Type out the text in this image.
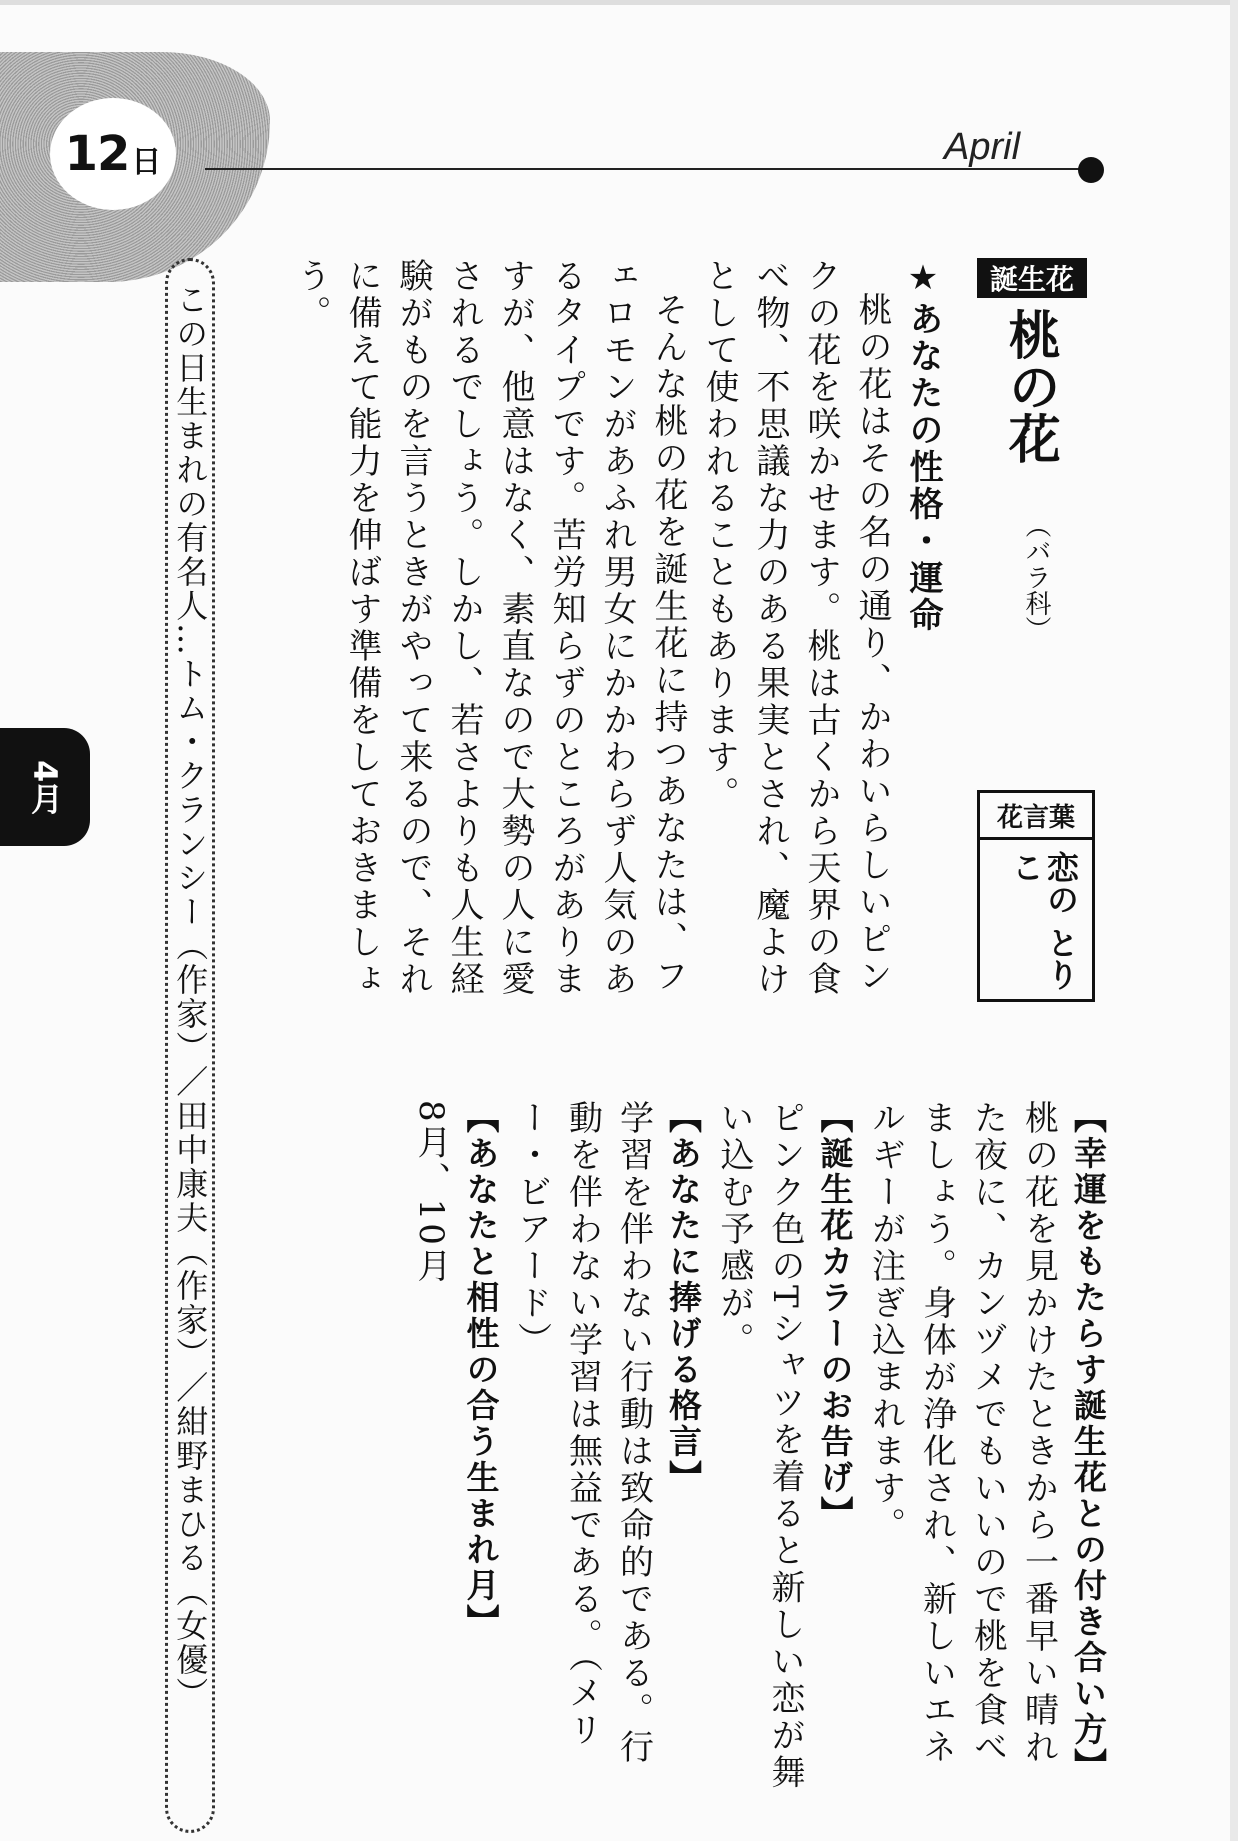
12 日	April
4月	この日生まれの有名人…トム・クランシー（作家）／田中康夫（作家）／紺野まひる（女優）
誕生花
桃の花
（バラ科）
花言葉
恋の とりこ
★あなたの性格・運命

桃の花はその名の通り、かわいらしいピンクの花を咲かせます。桃は古くから天界の食べ物、不思議な力のある果実とされ、魔よけとして使われることもあります。

そんな桃の花を誕生花に持つあなたは、フェロモンがあふれ男女にかかわらず人気のあるタイプです。苦労知らずのところがありますが、他意はなく、素直なので大勢の人に愛されるでしょう。しかし、若さよりも人生経験がものを言うときがやって来るので、それに備えて能力を伸ばす準備をしておきましょう。

【幸運をもたらす誕生花との付き合い方】

桃の花を見かけたときから一番早い晴れた夜に、カンヅメでもいいので桃を食べましょう。身体が浄化され、新しいエネルギーが注ぎ込まれます。

【誕生花カラーのお告げ】

ピンク色のTシャツを着ると新しい恋が舞い込む予感が。

【あなたに捧げる格言】

学習を伴わない行動は致命的である。行動を伴わない学習は無益である。（メリー・ビアード）

【あなたと相性の合う生まれ月】

8月、10月
